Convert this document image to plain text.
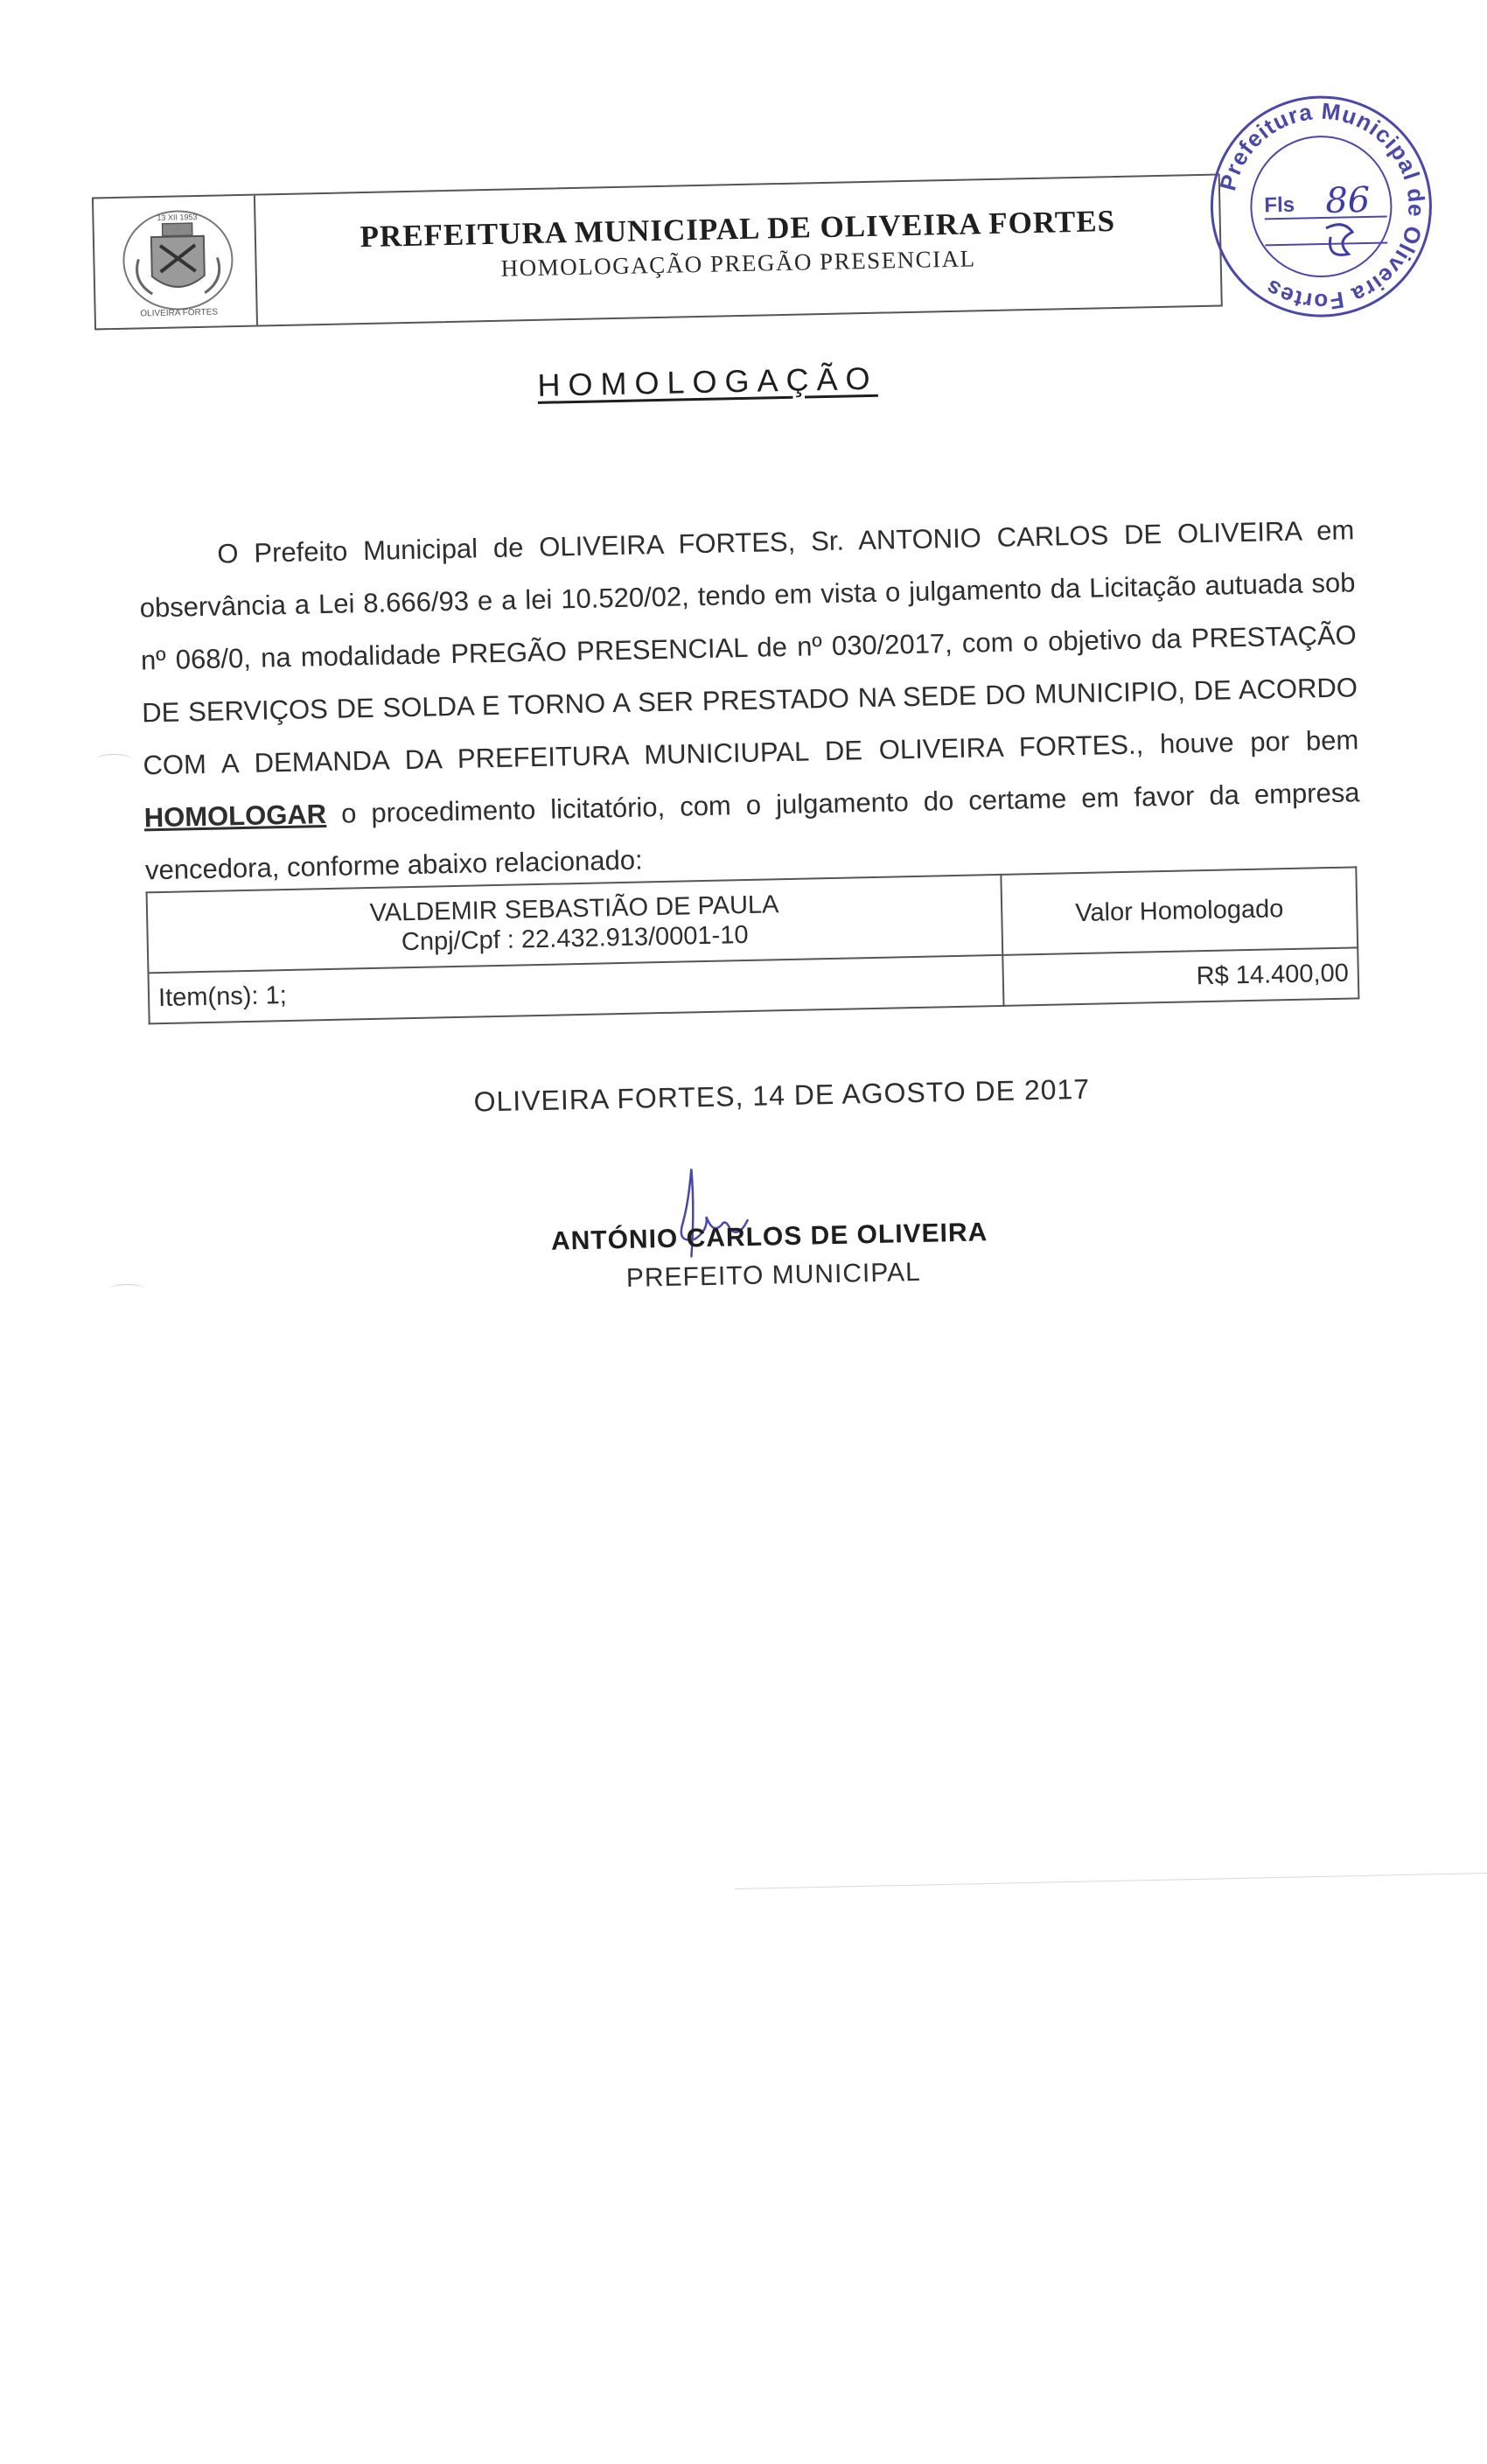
13 XII 1953
OLIVEIRA FORTES
PREFEITURA MUNICIPAL DE OLIVEIRA FORTES
HOMOLOGAÇÃO PREGÃO PRESENCIAL
Prefeitura Municipal de Oliveira Fortes
Fls 86
HOMOLOGAÇÃO

O Prefeito Municipal de OLIVEIRA FORTES, Sr. ANTONIO CARLOS DE OLIVEIRA em observância a Lei 8.666/93 e a lei 10.520/02, tendo em vista o julgamento da Licitação autuada sob nº 068/0, na modalidade PREGÃO PRESENCIAL de nº 030/2017, com o objetivo da PRESTAÇÃO DE SERVIÇOS DE SOLDA E TORNO A SER PRESTADO NA SEDE DO MUNICIPIO, DE ACORDO COM A DEMANDA DA PREFEITURA MUNICIUPAL DE OLIVEIRA FORTES., houve por bem HOMOLOGAR o procedimento licitatório, com o julgamento do certame em favor da empresa vencedora, conforme abaixo relacionado:

VALDEMIR SEBASTIÃO DE PAULA
Cnpj/Cpf : 22.432.913/0001-10	Valor Homologado
Item(ns): 1;	R$ 14.400,00
OLIVEIRA FORTES, 14 DE AGOSTO DE 2017
ANTÓNIO CARLOS DE OLIVEIRA
PREFEITO MUNICIPAL
